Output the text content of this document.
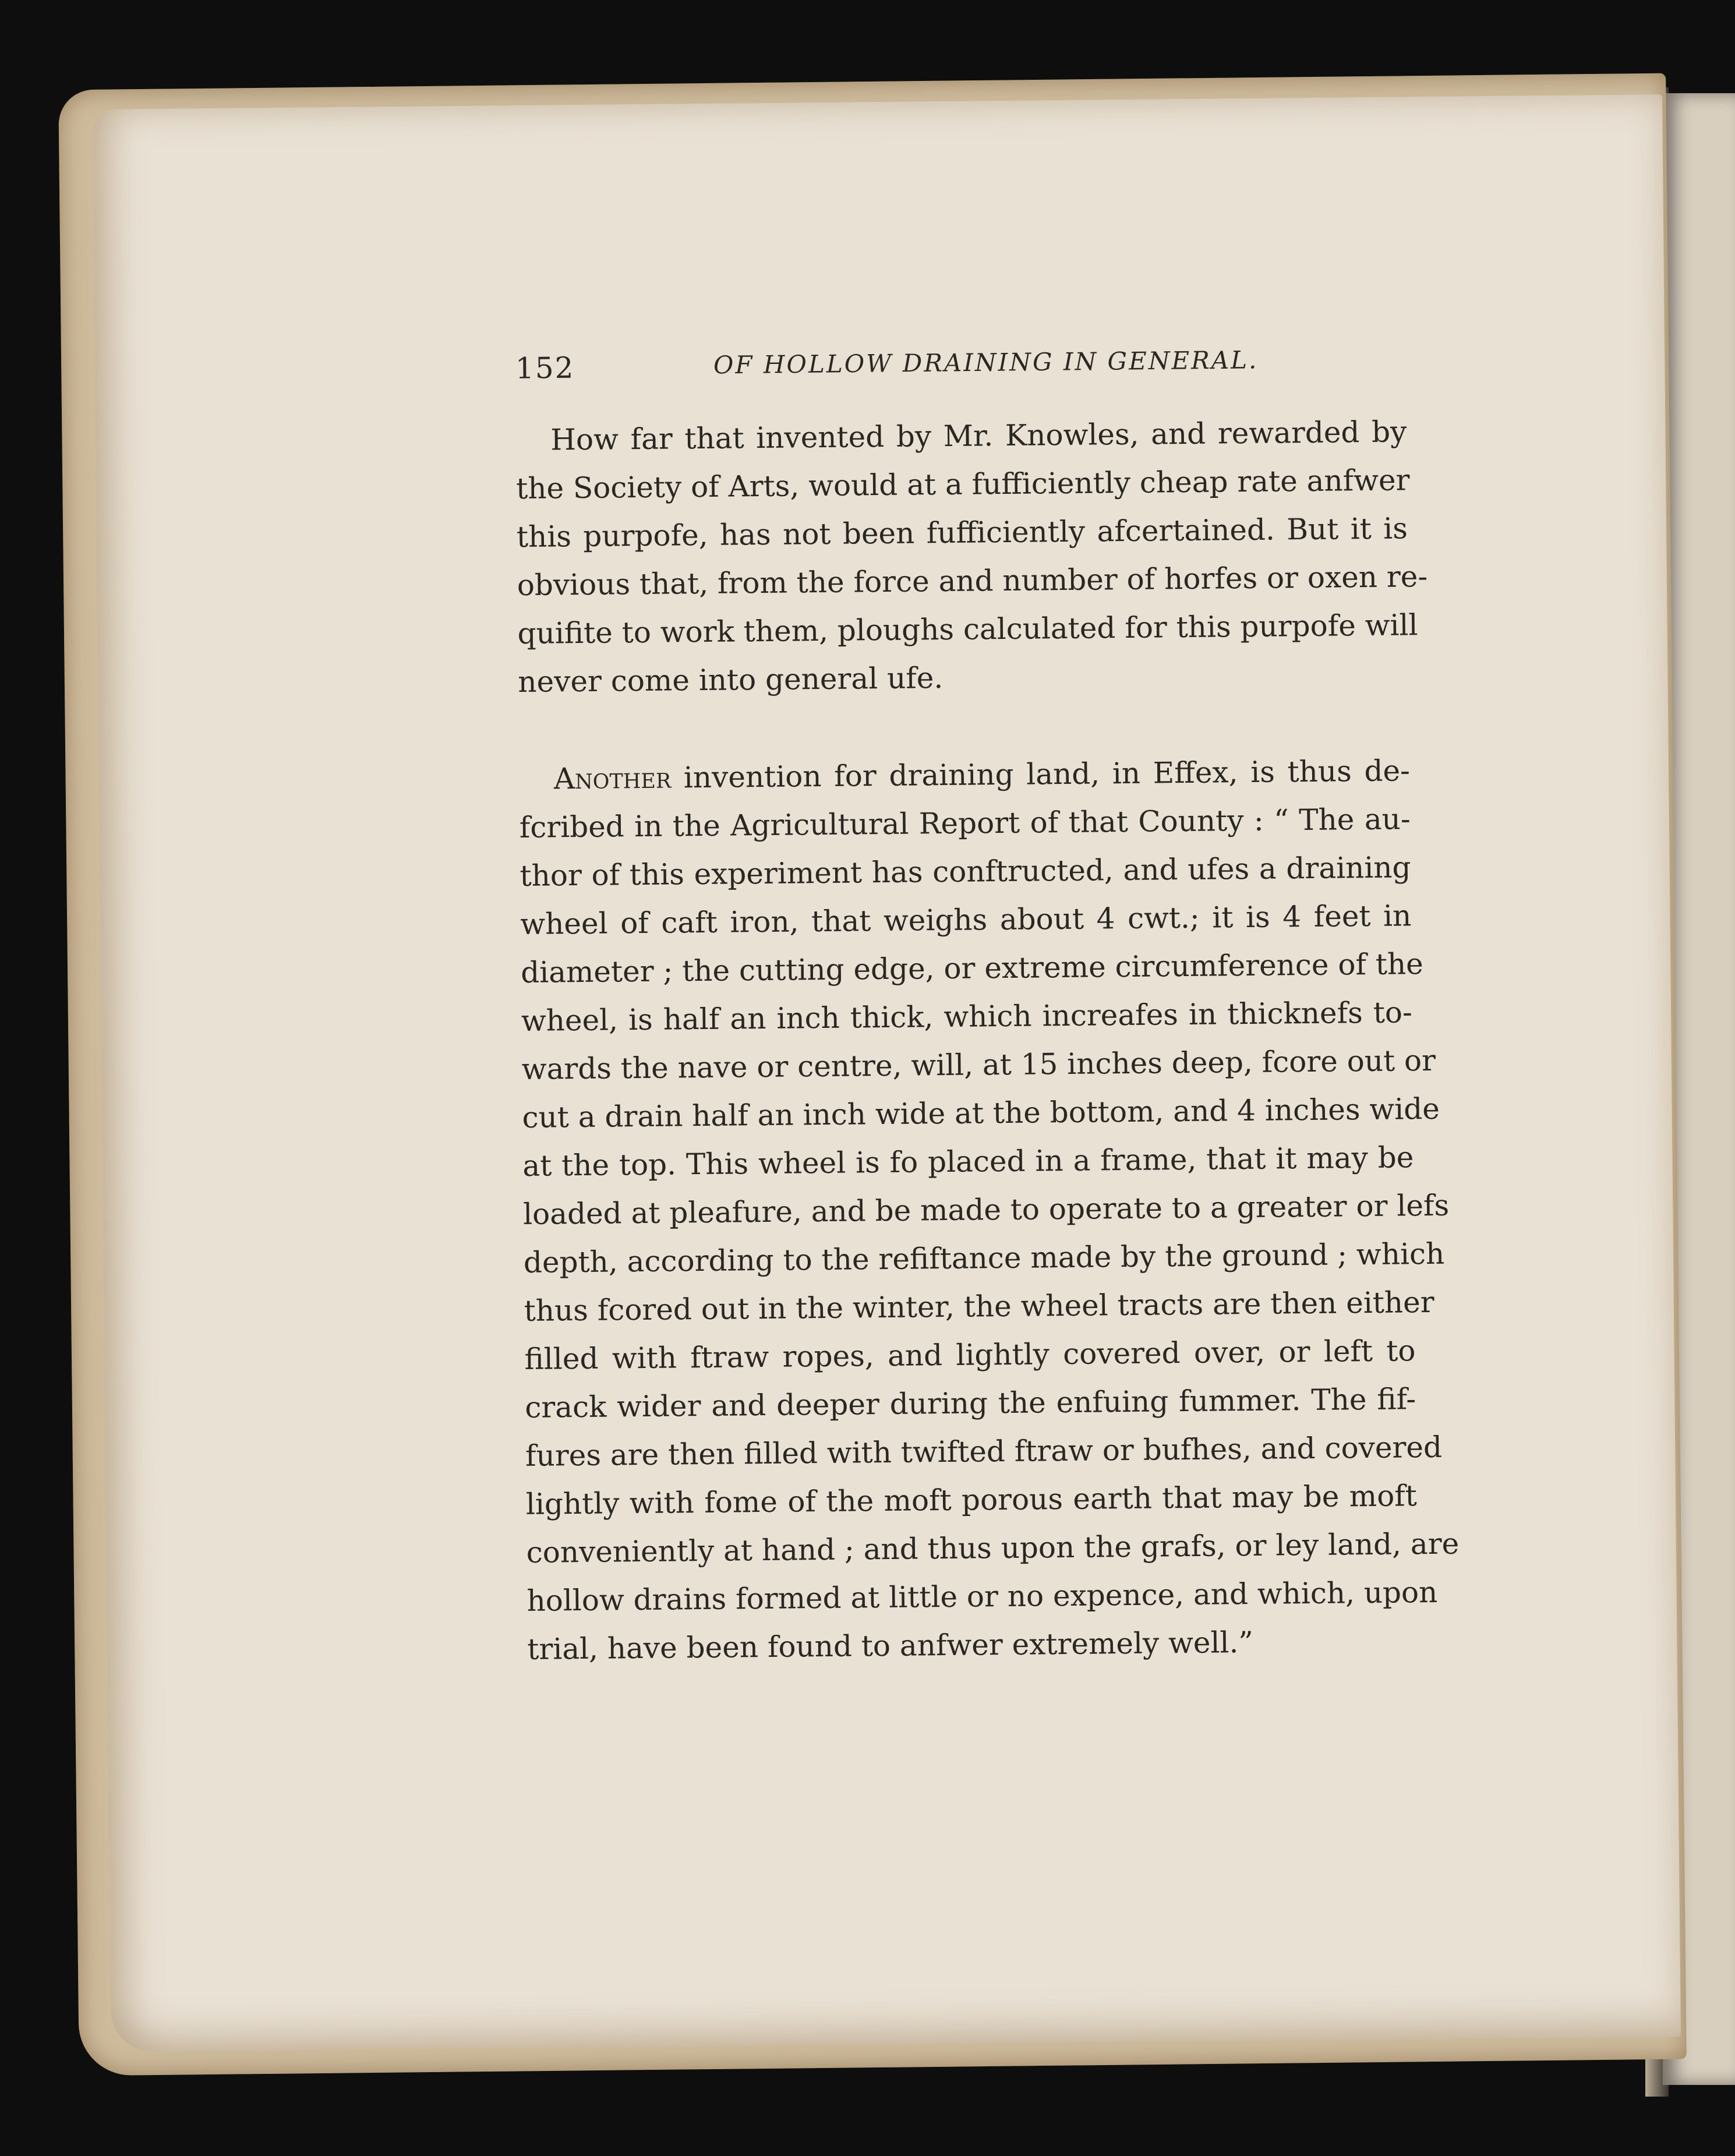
152	OF HOLLOW DRAINING IN GENERAL.
How far that invented by Mr. Knowles, and rewarded by
the Society of Arts, would at a fufficiently cheap rate anfwer
this purpofe, has not been fufficiently afcertained. But it is
obvious that, from the force and number of horfes or oxen re-
quifite to work them, ploughs calculated for this purpofe will
never come into general ufe.
Another invention for draining land, in Effex, is thus de-
fcribed in the Agricultural Report of that County : “ The au-
thor of this experiment has conftructed, and ufes a draining
wheel of caft iron, that weighs about 4 cwt.; it is 4 feet in
diameter ; the cutting edge, or extreme circumference of the
wheel, is half an inch thick, which increafes in thicknefs to-
wards the nave or centre, will, at 15 inches deep, fcore out or
cut a drain half an inch wide at the bottom, and 4 inches wide
at the top. This wheel is fo placed in a frame, that it may be
loaded at pleafure, and be made to operate to a greater or lefs
depth, according to the refiftance made by the ground ; which
thus fcored out in the winter, the wheel tracts are then either
filled with ftraw ropes, and lightly covered over, or left to
crack wider and deeper during the enfuing fummer. The fif-
fures are then filled with twifted ftraw or bufhes, and covered
lightly with fome of the moft porous earth that may be moft
conveniently at hand ; and thus upon the grafs, or ley land, are
hollow drains formed at little or no expence, and which, upon
trial, have been found to anfwer extremely well.”
